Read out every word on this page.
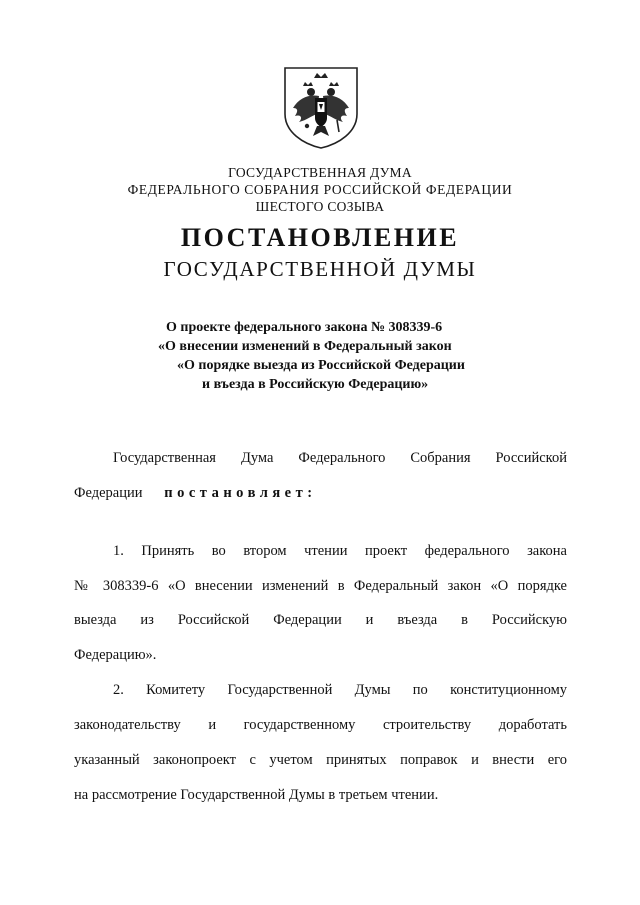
ГОСУДАРСТВЕННАЯ ДУМА
ФЕДЕРАЛЬНОГО СОБРАНИЯ РОССИЙСКОЙ ФЕДЕРАЦИИ
ШЕСТОГО СОЗЫВА
ПОСТАНОВЛЕНИЕ
ГОСУДАРСТВЕННОЙ ДУМЫ
О проекте федерального закона № 308339-6
«О внесении изменений в Федеральный закон
«О порядке выезда из Российской Федерации
и въезда в Российскую Федерацию»
Государственная Дума Федерального Собрания Российской
Федерации постановляет:
1. Принять во втором чтении проект федерального закона
№ 308339-6 «О внесении изменений в Федеральный закон «О порядке
выезда из Российской Федерации и въезда в Российскую
Федерацию».
2. Комитету Государственной Думы по конституционному
законодательству и государственному строительству доработать
указанный законопроект с учетом принятых поправок и внести его
на рассмотрение Государственной Думы в третьем чтении.
